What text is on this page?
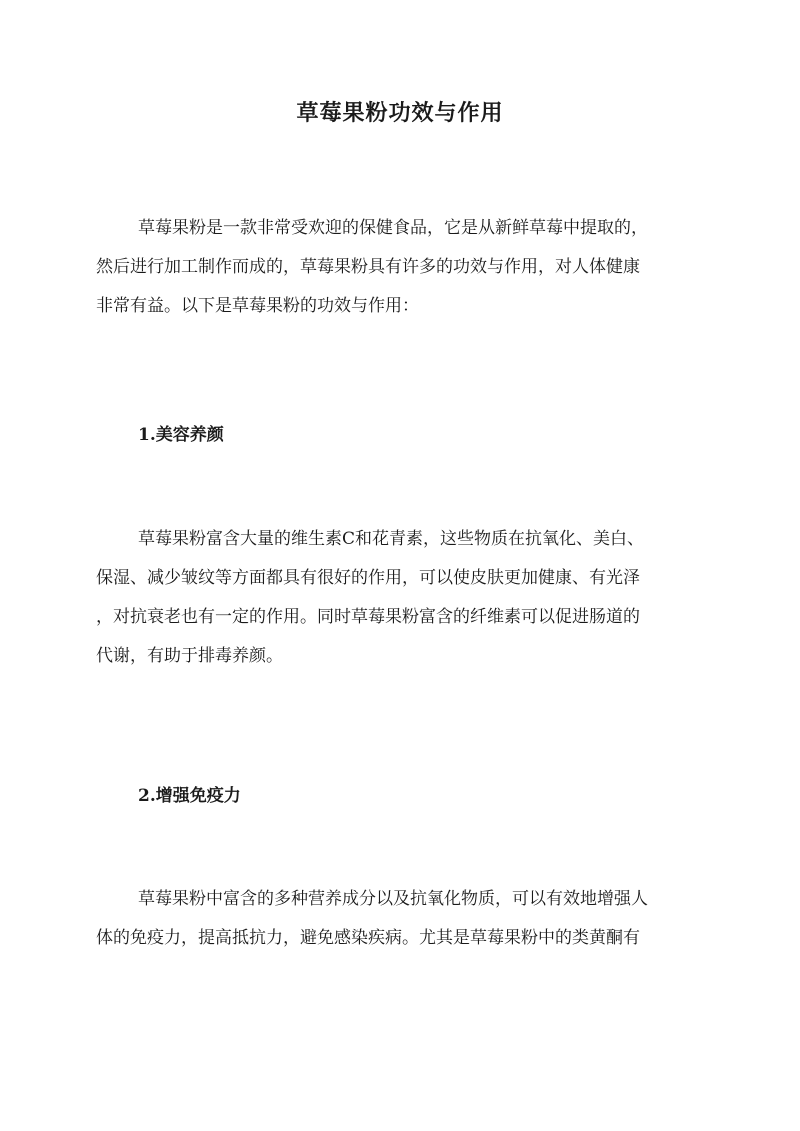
草莓果粉功效与作用

草莓果粉是一款非常受欢迎的保健食品，它是从新鲜草莓中提取的，
然后进行加工制作而成的，草莓果粉具有许多的功效与作用，对人体健康
非常有益。以下是草莓果粉的功效与作用：

1.美容养颜

草莓果粉富含大量的维生素C和花青素，这些物质在抗氧化、美白、
保湿、减少皱纹等方面都具有很好的作用，可以使皮肤更加健康、有光泽
，对抗衰老也有一定的作用。同时草莓果粉富含的纤维素可以促进肠道的
代谢，有助于排毒养颜。

2.增强免疫力

草莓果粉中富含的多种营养成分以及抗氧化物质，可以有效地增强人
体的免疫力，提高抵抗力，避免感染疾病。尤其是草莓果粉中的类黄酮有
